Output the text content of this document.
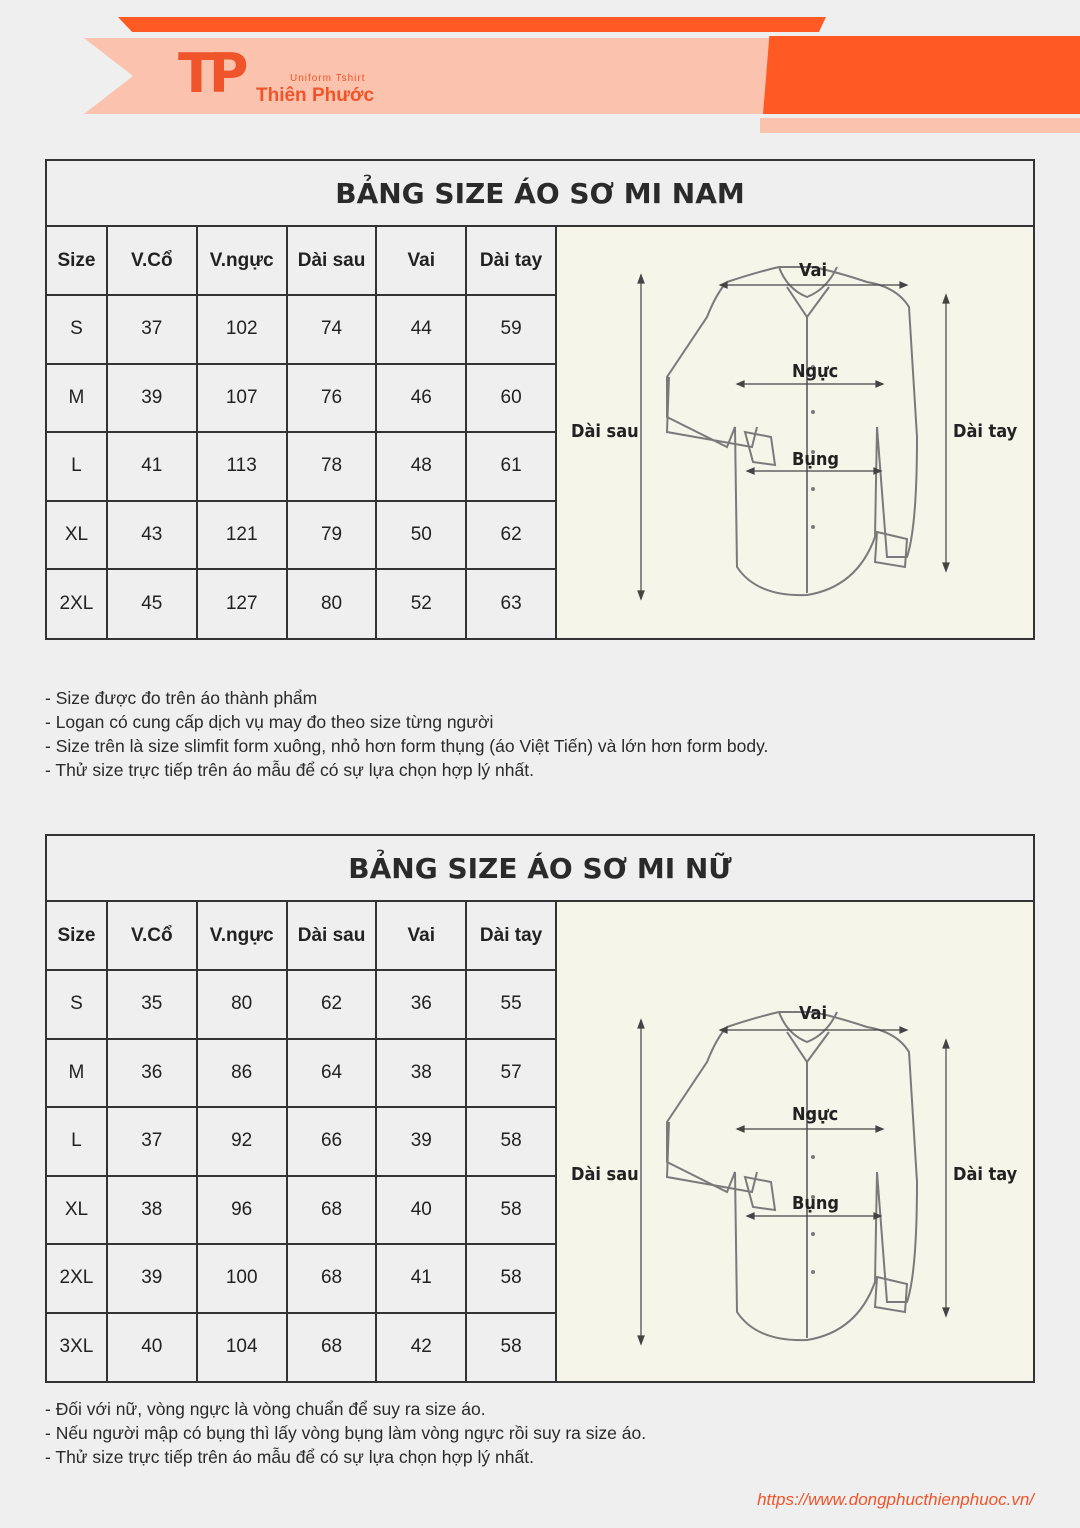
TP	Uniform Tshirt
Thiên Phước
BẢNG SIZE ÁO SƠ MI NAM
Size	V.Cổ	V.ngực	Dài sau	Vai	Dài tay
S	37	102	74	44	59
M	39	107	76	46	60
L	41	113	78	48	61
XL	43	121	79	50	62
2XL	45	127	80	52	63
Vai
Ngực
Bụng
Dài sau	Dài tay
- Size được đo trên áo thành phẩm
- Logan có cung cấp dịch vụ may đo theo size từng người
- Size trên là size slimfit form xuông, nhỏ hơn form thụng (áo Việt Tiến) và lớn hơn form body.
- Thử size trực tiếp trên áo mẫu để có sự lựa chọn hợp lý nhất.
BẢNG SIZE ÁO SƠ MI NỮ
Size	V.Cổ	V.ngực	Dài sau	Vai	Dài tay
S	35	80	62	36	55
M	36	86	64	38	57
L	37	92	66	39	58
XL	38	96	68	40	58
2XL	39	100	68	41	58
3XL	40	104	68	42	58
Vai
Ngực
Bụng
Dài sau	Dài tay
- Đối với nữ, vòng ngực là vòng chuẩn để suy ra size áo.
- Nếu người mập có bụng thì lấy vòng bụng làm vòng ngực rồi suy ra size áo.
- Thử size trực tiếp trên áo mẫu để có sự lựa chọn hợp lý nhất.
https://www.dongphucthienphuoc.vn/
